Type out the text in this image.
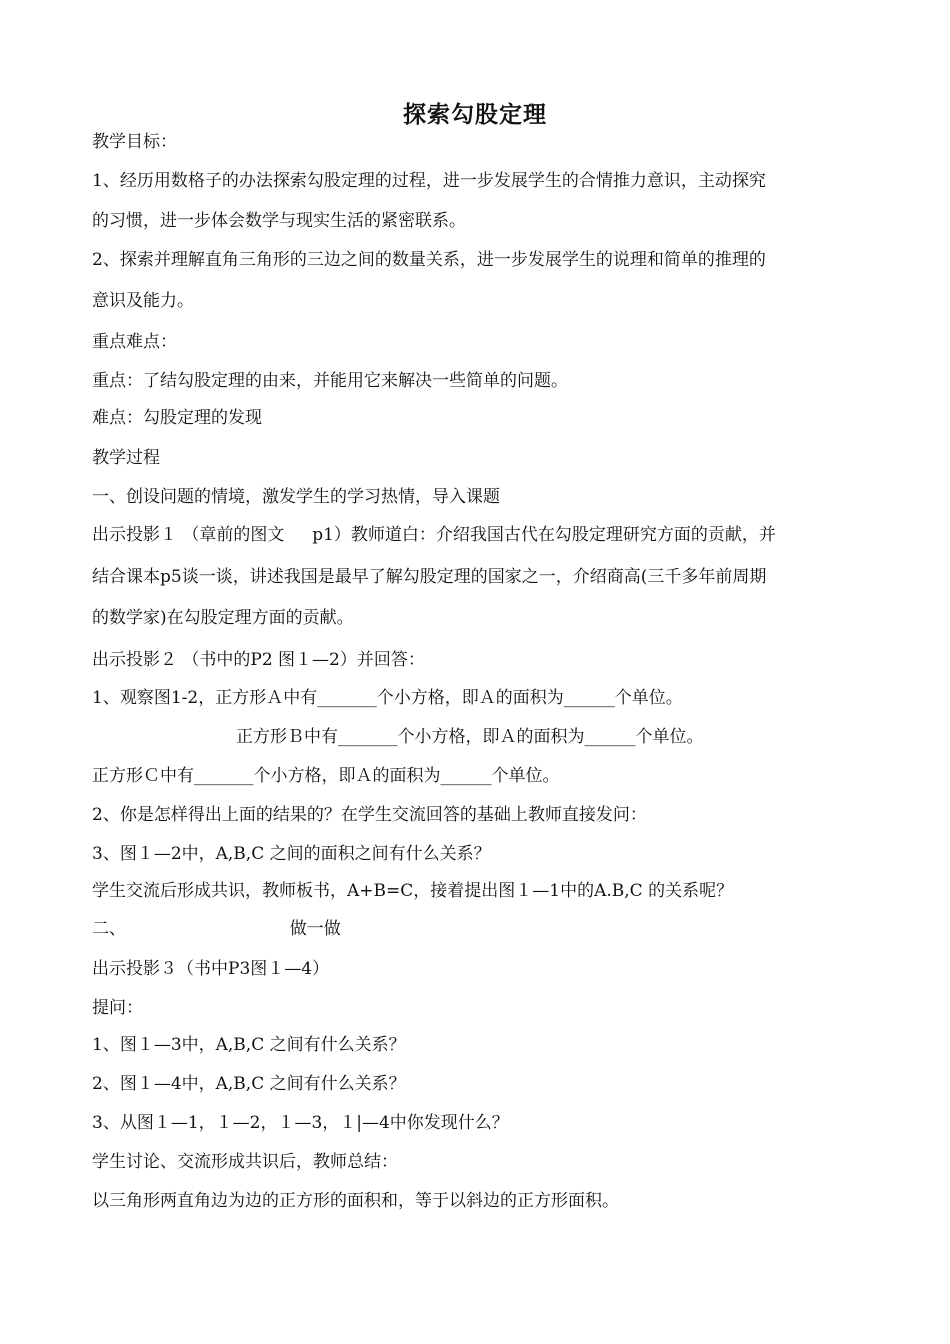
探索勾股定理
教学目标：
1、经历用数格子的办法探索勾股定理的过程，进一步发展学生的合情推力意识，主动探究
的习惯，进一步体会数学与现实生活的紧密联系。
2、探索并理解直角三角形的三边之间的数量关系，进一步发展学生的说理和简单的推理的
意识及能力。
重点难点：
重点：了结勾股定理的由来，并能用它来解决一些简单的问题。
难点：勾股定理的发现
教学过程
一、创设问题的情境，激发学生的学习热情，导入课题
出示投影１ （章前的图文 　 p1）教师道白：介绍我国古代在勾股定理研究方面的贡献，并
结合课本p5谈一谈，讲述我国是最早了解勾股定理的国家之一，介绍商高(三千多年前周期
的数学家)在勾股定理方面的贡献。
出示投影２ （书中的P2 图１—2）并回答：
1、观察图1-2，正方形Ａ中有_______个小方格，即Ａ的面积为______个单位。
正方形Ｂ中有_______个小方格，即Ａ的面积为______个单位。
正方形Ｃ中有_______个小方格，即Ａ的面积为______个单位。
2、你是怎样得出上面的结果的？在学生交流回答的基础上教师直接发问：
3、图１—2中，A,B,C 之间的面积之间有什么关系？
学生交流后形成共识，教师板书，A+B=C，接着提出图１—1中的A.B,C 的关系呢？
二、 　　　　　　　　　 做一做
出示投影３（书中P3图１—4）
提问：
1、图１—3中，A,B,C 之间有什么关系？
2、图１—4中，A,B,C 之间有什么关系？
3、从图１—1，１—2，１—3，１|—4中你发现什么？
学生讨论、交流形成共识后，教师总结：
以三角形两直角边为边的正方形的面积和，等于以斜边的正方形面积。
